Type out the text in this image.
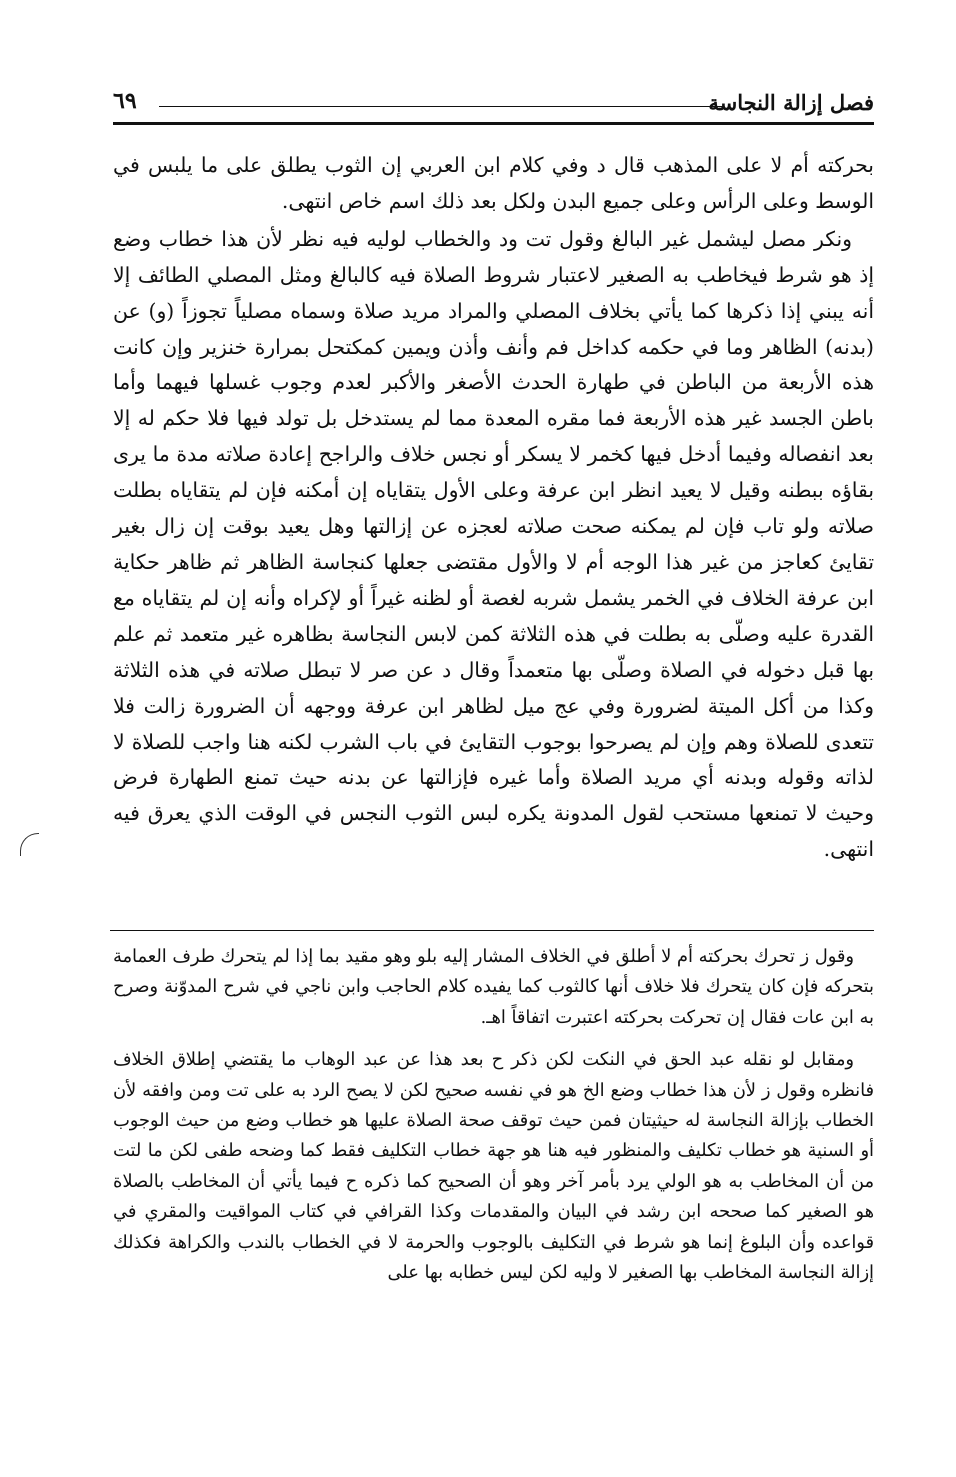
فصل إزالة النجاسة
٦٩

بحركته أم لا على المذهب قال د وفي كلام ابن العربي إن الثوب يطلق على ما يلبس في الوسط وعلى الرأس وعلى جميع البدن ولكل بعد ذلك اسم خاص انتهى.

ونكر مصل ليشمل غير البالغ وقول تت ود والخطاب لوليه فيه نظر لأن هذا خطاب وضع إذ هو شرط فيخاطب به الصغير لاعتبار شروط الصلاة فيه كالبالغ ومثل المصلي الطائف إلا أنه يبني إذا ذكرها كما يأتي بخلاف المصلي والمراد مريد صلاة وسماه مصلياً تجوزاً (و) عن (بدنه) الظاهر وما في حكمه كداخل فم وأنف وأذن ويمين كمكتحل بمرارة خنزير وإن كانت هذه الأربعة من الباطن في طهارة الحدث الأصغر والأكبر لعدم وجوب غسلها فيهما وأما باطن الجسد غير هذه الأربعة فما مقره المعدة مما لم يستدخل بل تولد فيها فلا حكم له إلا بعد انفصاله وفيما أدخل فيها كخمر لا يسكر أو نجس خلاف والراجح إعادة صلاته مدة ما يرى بقاؤه ببطنه وقيل لا يعيد انظر ابن عرفة وعلى الأول يتقاياه إن أمكنه فإن لم يتقاياه بطلت صلاته ولو تاب فإن لم يمكنه صحت صلاته لعجزه عن إزالتها وهل يعيد بوقت إن زال بغير تقايئ كعاجز من غير هذا الوجه أم لا والأول مقتضى جعلها كنجاسة الظاهر ثم ظاهر حكاية ابن عرفة الخلاف في الخمر يشمل شربه لغصة أو لظنه غيراً أو لإكراه وأنه إن لم يتقاياه مع القدرة عليه وصلّى به بطلت في هذه الثلاثة كمن لابس النجاسة بظاهره غير متعمد ثم علم بها قبل دخوله في الصلاة وصلّى بها متعمداً وقال د عن صر لا تبطل صلاته في هذه الثلاثة وكذا من أكل الميتة لضرورة وفي عج ميل لظاهر ابن عرفة ووجهه أن الضرورة زالت فلا تتعدى للصلاة وهم وإن لم يصرحوا بوجوب التقايئ في باب الشرب لكنه هنا واجب للصلاة لا لذاته وقوله وبدنه أي مريد الصلاة وأما غيره فإزالتها عن بدنه حيث تمنع الطهارة فرض وحيث لا تمنعها مستحب لقول المدونة يكره لبس الثوب النجس في الوقت الذي يعرق فيه انتهى.

وقول ز تحرك بحركته أم لا أطلق في الخلاف المشار إليه بلو وهو مقيد بما إذا لم يتحرك طرف العمامة بتحركه فإن كان يتحرك فلا خلاف أنها كالثوب كما يفيده كلام الحاجب وابن ناجي في شرح المدوّنة وصرح به ابن عات فقال إن تحركت بحركته اعتبرت اتفاقاً اهـ.

ومقابل لو نقله عبد الحق في النكت لكن ذكر ح بعد هذا عن عبد الوهاب ما يقتضي إطلاق الخلاف فانظره وقول ز لأن هذا خطاب وضع الخ هو في نفسه صحيح لكن لا يصح الرد به على تت ومن وافقه لأن الخطاب بإزالة النجاسة له حيثيتان فمن حيث توقف صحة الصلاة عليها هو خطاب وضع من حيث الوجوب أو السنية هو خطاب تكليف والمنظور فيه هنا هو جهة خطاب التكليف فقط كما وضحه طفى لكن ما لتت من أن المخاطب به هو الولي يرد بأمر آخر وهو أن الصحيح كما ذكره ح فيما يأتي أن المخاطب بالصلاة هو الصغير كما صححه ابن رشد في البيان والمقدمات وكذا القرافي في كتاب المواقيت والمقري في قواعده وأن البلوغ إنما هو شرط في التكليف بالوجوب والحرمة لا في الخطاب بالندب والكراهة فكذلك إزالة النجاسة المخاطب بها الصغير لا وليه لكن ليس خطابه بها على
